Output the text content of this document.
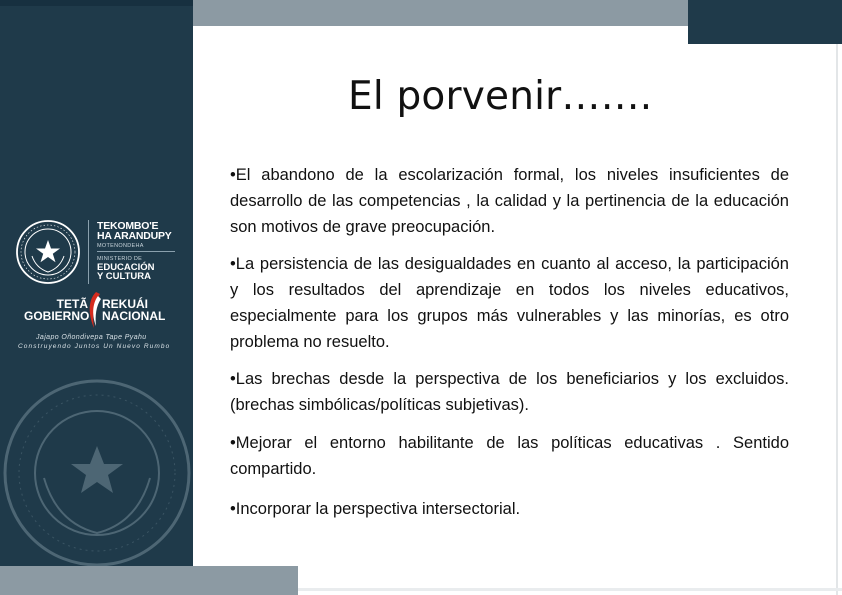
TEKOMBO'E
HA ARANDUPY
MOTENONDEHA
MINISTERIO DE
EDUCACIÓN
Y CULTURA
TETÃ
GOBIERNO
REKUÁI
NACIONAL
Jajapo Oñondivepa Tape Pyahu
Construyendo Juntos Un Nuevo Rumbo
El porvenir…….
•El abandono de la escolarización formal, los niveles insuficientes de desarrollo de las competencias , la calidad y la pertinencia de la educación son motivos de grave preocupación.
•La persistencia de las desigualdades en cuanto al acceso, la participación y los resultados del aprendizaje en todos los niveles educativos, especialmente para los grupos más vulnerables y las minorías, es otro problema no resuelto.
•Las brechas desde la perspectiva de los beneficiarios y los excluidos.(brechas simbólicas/políticas subjetivas).
•Mejorar el entorno habilitante de las políticas educativas . Sentido compartido.
•Incorporar la perspectiva intersectorial.
